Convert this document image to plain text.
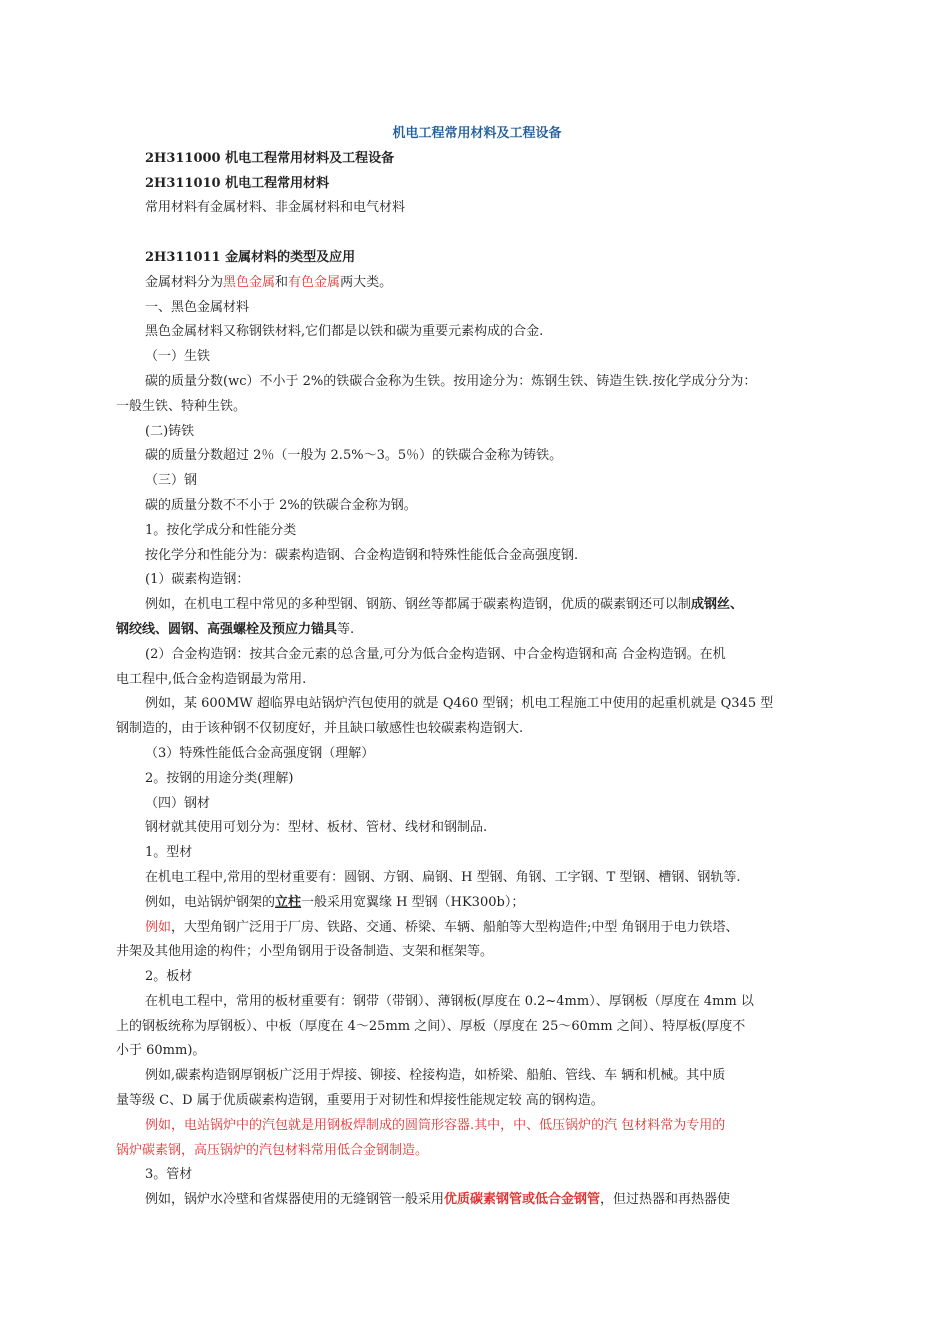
机电工程常用材料及工程设备
2H311000 机电工程常用材料及工程设备
2H311010 机电工程常用材料
常用材料有金属材料、非金属材料和电气材料
2H311011 金属材料的类型及应用
金属材料分为黑色金属和有色金属两大类。
一、黑色金属材料
黑色金属材料又称钢铁材料,它们都是以铁和碳为重要元素构成的合金.
（一）生铁
碳的质量分数(wc）不小于 2%的铁碳合金称为生铁。按用途分为：炼钢生铁、铸造生铁.按化学成分分为：
一般生铁、特种生铁。
(二)铸铁
碳的质量分数超过 2％（一般为 2.5%～3。5％）的铁碳合金称为铸铁。
（三）钢
碳的质量分数不不小于 2%的铁碳合金称为钢。
1。按化学成分和性能分类
按化学分和性能分为：碳素构造钢、合金构造钢和特殊性能低合金高强度钢.
(1）碳素构造钢：
例如，在机电工程中常见的多种型钢、钢筋、钢丝等都属于碳素构造钢，优质的碳素钢还可以制成钢丝、
钢绞线、圆钢、高强螺栓及预应力锚具等.
(2）合金构造钢：按其合金元素的总含量,可分为低合金构造钢、中合金构造钢和高 合金构造钢。在机
电工程中,低合金构造钢最为常用.
例如，某 600MW 超临界电站锅炉汽包使用的就是 Q460 型钢；机电工程施工中使用的起重机就是 Q345 型
钢制造的，由于该种钢不仅韧度好，并且缺口敏感性也较碳素构造钢大.
（3）特殊性能低合金高强度钢（理解）
2。按钢的用途分类(理解)
（四）钢材
钢材就其使用可划分为：型材、板材、管材、线材和钢制品.
1。型材
在机电工程中,常用的型材重要有：圆钢、方钢、扁钢、H 型钢、角钢、工字钢、T 型钢、槽钢、钢轨等.
例如，电站锅炉钢架的立柱一般采用宽翼缘 H 型钢（HK300b）；
例如，大型角钢广泛用于厂房、铁路、交通、桥梁、车辆、船舶等大型构造件;中型 角钢用于电力铁塔、
井架及其他用途的构件；小型角钢用于设备制造、支架和框架等。
2。板材
在机电工程中，常用的板材重要有：钢带（带钢）、薄钢板(厚度在 0.2~4mm）、厚钢板（厚度在 4mm 以
上的钢板统称为厚钢板）、中板（厚度在 4～25mm 之间）、厚板（厚度在 25～60mm 之间）、特厚板(厚度不
小于 60mm)。
例如,碳素构造钢厚钢板广泛用于焊接、铆接、栓接构造，如桥梁、船舶、管线、车 辆和机械。其中质
量等级 C、D 属于优质碳素构造钢，重要用于对韧性和焊接性能规定较 高的钢构造。
例如，电站锅炉中的汽包就是用钢板焊制成的圆筒形容器.其中，中、低压锅炉的汽 包材料常为专用的
锅炉碳素钢，高压锅炉的汽包材料常用低合金钢制造。
3。管材
例如，锅炉水冷壁和省煤器使用的无缝钢管一般采用优质碳素钢管或低合金钢管，但过热器和再热器使
